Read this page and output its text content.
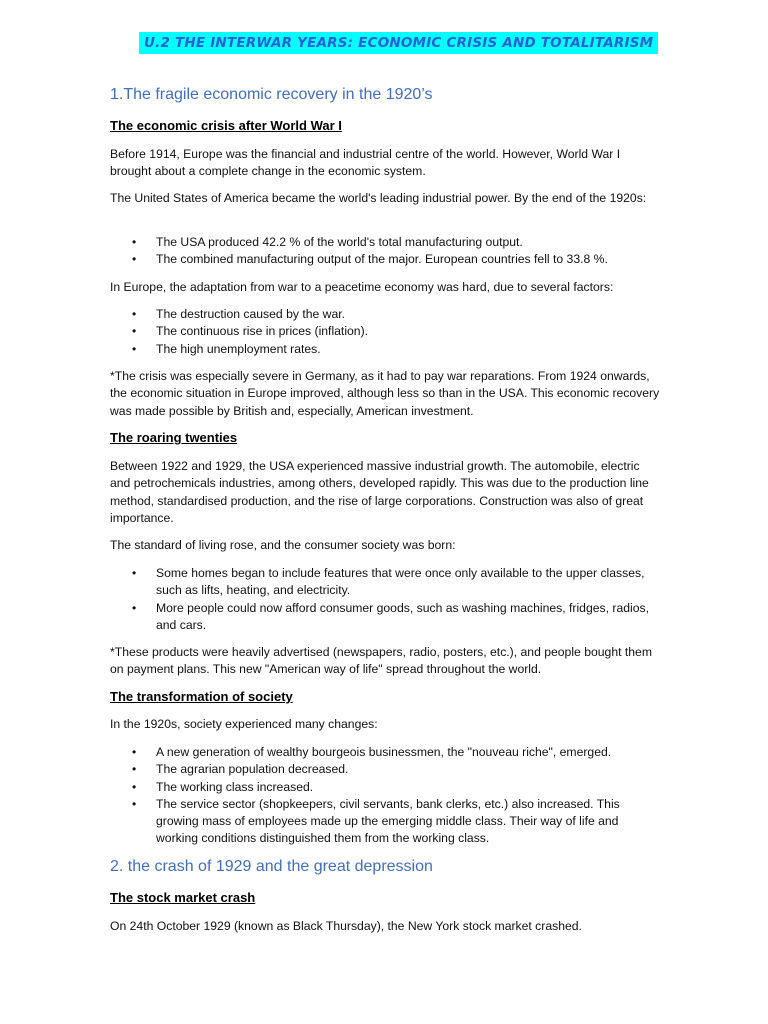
U.2 THE INTERWAR YEARS: ECONOMIC CRISIS AND TOTALITARISM
1.The fragile economic recovery in the 1920’s
The economic crisis after World War I
Before 1914, Europe was the financial and industrial centre of the world. However, World War I brought about a complete change in the economic system.
The United States of America became the world's leading industrial power. By the end of the 1920s:
• The USA produced 42.2 % of the world's total manufacturing output.
• The combined manufacturing output of the major. European countries fell to 33.8 %.
In Europe, the adaptation from war to a peacetime economy was hard, due to several factors:
• The destruction caused by the war.
• The continuous rise in prices (inflation).
• The high unemployment rates.
*The crisis was especially severe in Germany, as it had to pay war reparations. From 1924 onwards, the economic situation in Europe improved, although less so than in the USA. This economic recovery was made possible by British and, especially, American investment.
The roaring twenties
Between 1922 and 1929, the USA experienced massive industrial growth. The automobile, electric and petrochemicals industries, among others, developed rapidly. This was due to the production line method, standardised production, and the rise of large corporations. Construction was also of great importance.
The standard of living rose, and the consumer society was born:
• Some homes began to include features that were once only available to the upper classes, such as lifts, heating, and electricity.
• More people could now afford consumer goods, such as washing machines, fridges, radios, and cars.
*These products were heavily advertised (newspapers, radio, posters, etc.), and people bought them on payment plans. This new "American way of life" spread throughout the world.
The transformation of society
In the 1920s, society experienced many changes:
• A new generation of wealthy bourgeois businessmen, the "nouveau riche", emerged.
• The agrarian population decreased.
• The working class increased.
• The service sector (shopkeepers, civil servants, bank clerks, etc.) also increased. This growing mass of employees made up the emerging middle class. Their way of life and working conditions distinguished them from the working class.
2. the crash of 1929 and the great depression
The stock market crash
On 24th October 1929 (known as Black Thursday), the New York stock market crashed.
